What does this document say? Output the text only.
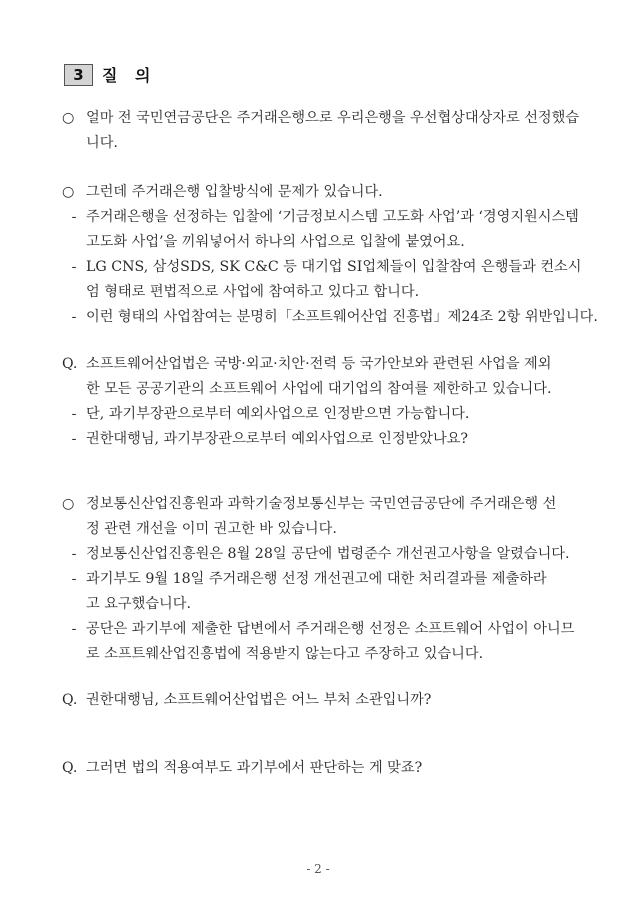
3	질 의
○ 얼마 전 국민연금공단은 주거래은행으로 우리은행을 우선협상대상자로 선정했습
니다.
○ 그런데 주거래은행 입찰방식에 문제가 있습니다.
- 주거래은행을 선정하는 입찰에 ‘기금정보시스템 고도화 사업’과 ‘경영지원시스템
고도화 사업’을 끼워넣어서 하나의 사업으로 입찰에 붙였어요.
- LG CNS, 삼성SDS, SK C&C 등 대기업 SI업체들이 입찰참여 은행들과 컨소시
엄 형태로 편법적으로 사업에 참여하고 있다고 합니다.
- 이런 형태의 사업참여는 분명히「소프트웨어산업 진흥법」제24조 2항 위반입니다.
Q. 소프트웨어산업법은 국방·외교·치안·전력 등 국가안보와 관련된 사업을 제외
한 모든 공공기관의 소프트웨어 사업에 대기업의 참여를 제한하고 있습니다.
- 단, 과기부장관으로부터 예외사업으로 인정받으면 가능합니다.
- 권한대행님, 과기부장관으로부터 예외사업으로 인정받았나요?
○ 정보통신산업진흥원과 과학기술정보통신부는 국민연금공단에 주거래은행 선
정 관련 개선을 이미 권고한 바 있습니다.
- 정보통신산업진흥원은 8월 28일 공단에 법령준수 개선권고사항을 알렸습니다.
- 과기부도 9월 18일 주거래은행 선정 개선권고에 대한 처리결과를 제출하라
고 요구했습니다.
- 공단은 과기부에 제출한 답변에서 주거래은행 선정은 소프트웨어 사업이 아니므
로 소프트웨산업진흥법에 적용받지 않는다고 주장하고 있습니다.
Q. 권한대행님, 소프트웨어산업법은 어느 부처 소관입니까?
Q. 그러면 법의 적용여부도 과기부에서 판단하는 게 맞죠?
- 2 -
